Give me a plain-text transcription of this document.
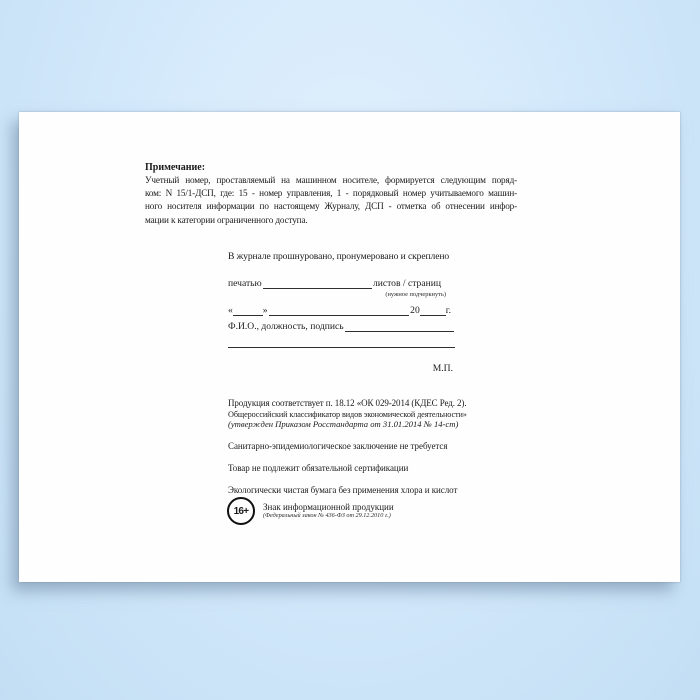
Примечание:
Учетный номер, проставляемый на машинном носителе, формируется следующим поряд-
ком: N 15/1-ДСП, где: 15 - номер управления, 1 - порядковый номер учитываемого машин-
ного носителя информации по настоящему Журналу, ДСП - отметка об отнесении инфор-
мации к категории ограниченного доступа.
В журнале прошнуровано, пронумеровано и скреплено
печатью	листов / страниц
(нужное подчеркнуть)
«	»	20	г.
Ф.И.О., должность, подпись
М.П.
Продукция соответствует п. 18.12 «ОК 029-2014 (КДЕС Ред. 2).
Общероссийский классификатор видов экономической деятельности»
(утвержден Приказом Росстандарта от 31.01.2014 № 14-ст)
Санитарно-эпидемиологическое заключение не требуется
Товар не подлежит обязательной сертификации
Экологически чистая бумага без применения хлора и кислот
16+ Знак информационной продукции
(Федеральный закон № 436-ФЗ от 29.12.2010 г.)
